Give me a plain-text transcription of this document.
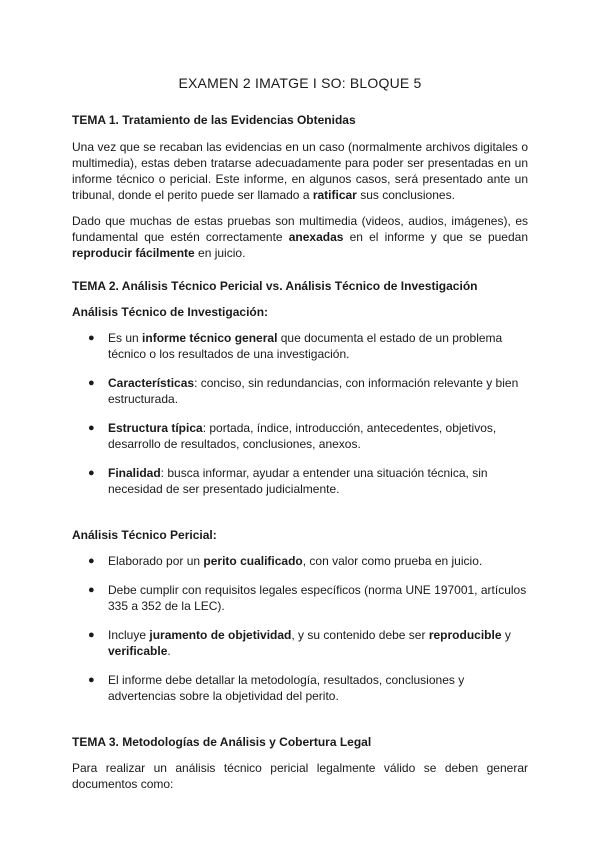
EXAMEN 2 IMATGE I SO: BLOQUE 5

TEMA 1. Tratamiento de las Evidencias Obtenidas

Una vez que se recaban las evidencias en un caso (normalmente archivos digitales o multimedia), estas deben tratarse adecuadamente para poder ser presentadas en un informe técnico o pericial. Este informe, en algunos casos, será presentado ante un tribunal, donde el perito puede ser llamado a ratificar sus conclusiones.

Dado que muchas de estas pruebas son multimedia (videos, audios, imágenes), es fundamental que estén correctamente anexadas en el informe y que se puedan reproducir fácilmente en juicio.

TEMA 2. Análisis Técnico Pericial vs. Análisis Técnico de Investigación

Análisis Técnico de Investigación:

● Es un informe técnico general que documenta el estado de un problema técnico o los resultados de una investigación.
● Características: conciso, sin redundancias, con información relevante y bien estructurada.
● Estructura típica: portada, índice, introducción, antecedentes, objetivos, desarrollo de resultados, conclusiones, anexos.
● Finalidad: busca informar, ayudar a entender una situación técnica, sin necesidad de ser presentado judicialmente.

Análisis Técnico Pericial:

● Elaborado por un perito cualificado, con valor como prueba en juicio.
● Debe cumplir con requisitos legales específicos (norma UNE 197001, artículos 335 a 352 de la LEC).
● Incluye juramento de objetividad, y su contenido debe ser reproducible y verificable.
● El informe debe detallar la metodología, resultados, conclusiones y advertencias sobre la objetividad del perito.

TEMA 3. Metodologías de Análisis y Cobertura Legal

Para realizar un análisis técnico pericial legalmente válido se deben generar documentos como:
